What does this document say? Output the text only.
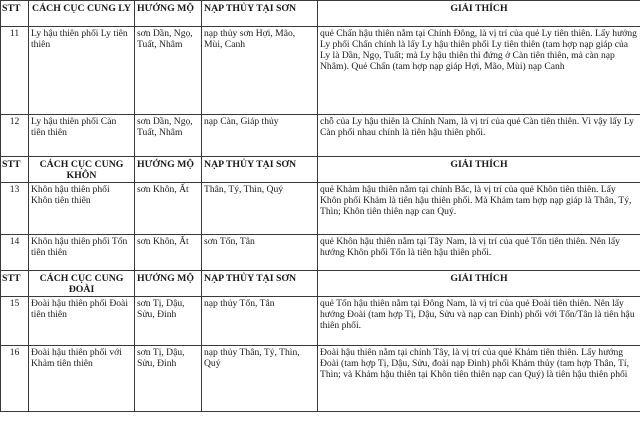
STT	CÁCH CỤC CUNG LY	HƯỚNG MỘ	NẠP THỦY TẠI SƠN	GIẢI THÍCH
11	Ly hậu thiên phối Ly tiên thiên	sơn Dần, Ngọ, Tuất, Nhâm	nạp thủy sơn Hợi, Mão, Mùi, Canh	quẻ Chấn hậu thiên nằm tại Chính Đông, là vị trí của quẻ Ly tiên thiên. Lấy hướng Ly phối Chấn chính là lấy Ly hậu thiên phối Ly tiên thiên (tam hợp nạp giáp của Ly là Dần, Ngọ, Tuất; mà Ly hậu thiên thì đứng ở Càn tiên thiên, mà càn nạp Nhâm). Quẻ Chấn (tam hợp nạp giáp Hợi, Mão, Mùi) nạp Canh
12	Ly hậu thiên phối Càn tiên thiên	sơn Dần, Ngọ, Tuất, Nhâm	nạp Càn, Giáp thủy	chỗ của Ly hậu thiên là Chính Nam, là vị trí của quẻ Càn tiên thiên. Vì vậy lấy Ly Càn phối nhau chính là tiên hậu thiên phối.
STT	CÁCH CỤC CUNG KHÔN	HƯỚNG MỘ	NẠP THỦY TẠI SƠN	GIẢI THÍCH
13	Khôn hậu thiên phối Khôn tiên thiên	sơn Khôn, Ất	Thân, Tý, Thìn, Quý	quẻ Khảm hậu thiên nằm tại chính Bắc, là vị trí của quẻ Khôn tiên thiên. Lấy Khôn phối Khảm là tiên hậu thiên phối. Mà Khảm tam hợp nạp giáp là Thân, Tý, Thìn; Khôn tiên thiên nạp can Quý.
14	Khôn hậu thiên phối Tốn tiên thiên	sơn Khôn, Ất	sơn Tốn, Tân	quẻ Khôn hậu thiên nằm tại Tây Nam, là vị trí của quẻ Tốn tiên thiên. Nên lấy hướng Khôn phối Tốn là tiên hậu thiên phối.
STT	CÁCH CỤC CUNG ĐOÀI	HƯỚNG MỘ	NẠP THỦY TẠI SƠN	GIẢI THÍCH
15	Đoài hậu thiên phối Đoài tiên thiên	sơn Tị, Dậu, Sửu, Đinh	nạp thủy Tốn, Tân	quẻ Tốn hậu thiên nằm tại Đông Nam, là vị trí của quẻ Đoài tiên thiên. Nên lấy hướng Đoài (tam hợp Tị, Dậu, Sửu và nạp can Đinh) phối với Tốn/Tân là tiên hậu thiên phối.
16	Đoài hậu thiên phối với Khảm tiên thiên	sơn Tị, Dậu, Sửu, Đinh	nạp thủy Thân, Tý, Thìn, Quý	Đoài hậu thiên nằm tại chính Tây, là vị trí của quẻ Khảm tiên thiên. Lấy hướng Đoài (tam hợp Tị, Dậu, Sửu, đoài nạp Đinh) phối Khảm thủy (tam hợp Thân, Tí, Thìn; và Khảm hậu thiên tại Khôn tiên thiên nạp can Quý) là tiên hậu thiên phối
